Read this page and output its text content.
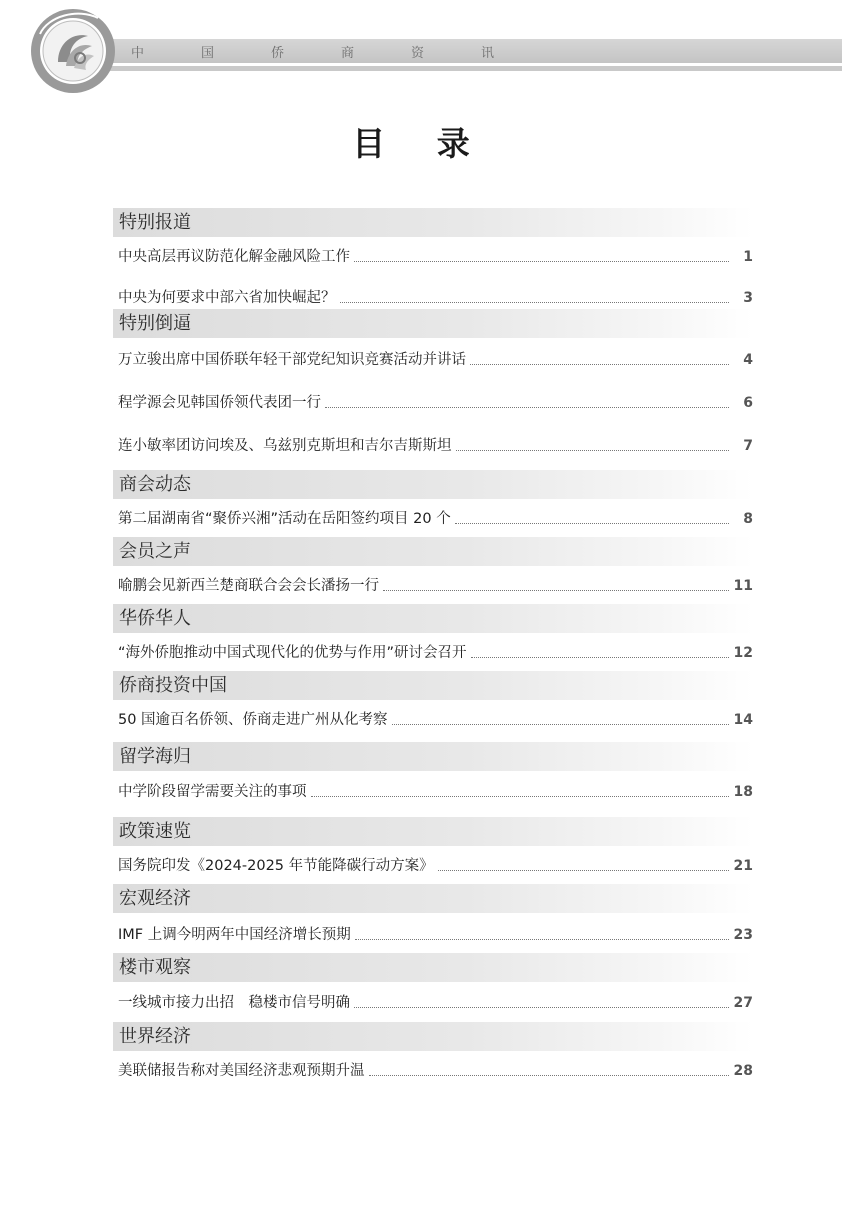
中　国　侨　商　资　讯
目 录
特别报道
中央高层再议防范化解金融风险工作	1
中央为何要求中部六省加快崛起？	3
特别倒逼
万立骏出席中国侨联年轻干部党纪知识竞赛活动并讲话	4
程学源会见韩国侨领代表团一行	6
连小敏率团访问埃及、乌兹别克斯坦和吉尔吉斯斯坦	7
商会动态
第二届湖南省“聚侨兴湘”活动在岳阳签约项目 20 个	8
会员之声
喻鹏会见新西兰楚商联合会会长潘扬一行	11
华侨华人
“海外侨胞推动中国式现代化的优势与作用”研讨会召开	12
侨商投资中国
50 国逾百名侨领、侨商走进广州从化考察	14
留学海归
中学阶段留学需要关注的事项	18
政策速览
国务院印发《2024-2025 年节能降碳行动方案》	21
宏观经济
IMF 上调今明两年中国经济增长预期	23
楼市观察
一线城市接力出招　稳楼市信号明确	27
世界经济
美联储报告称对美国经济悲观预期升温	28
